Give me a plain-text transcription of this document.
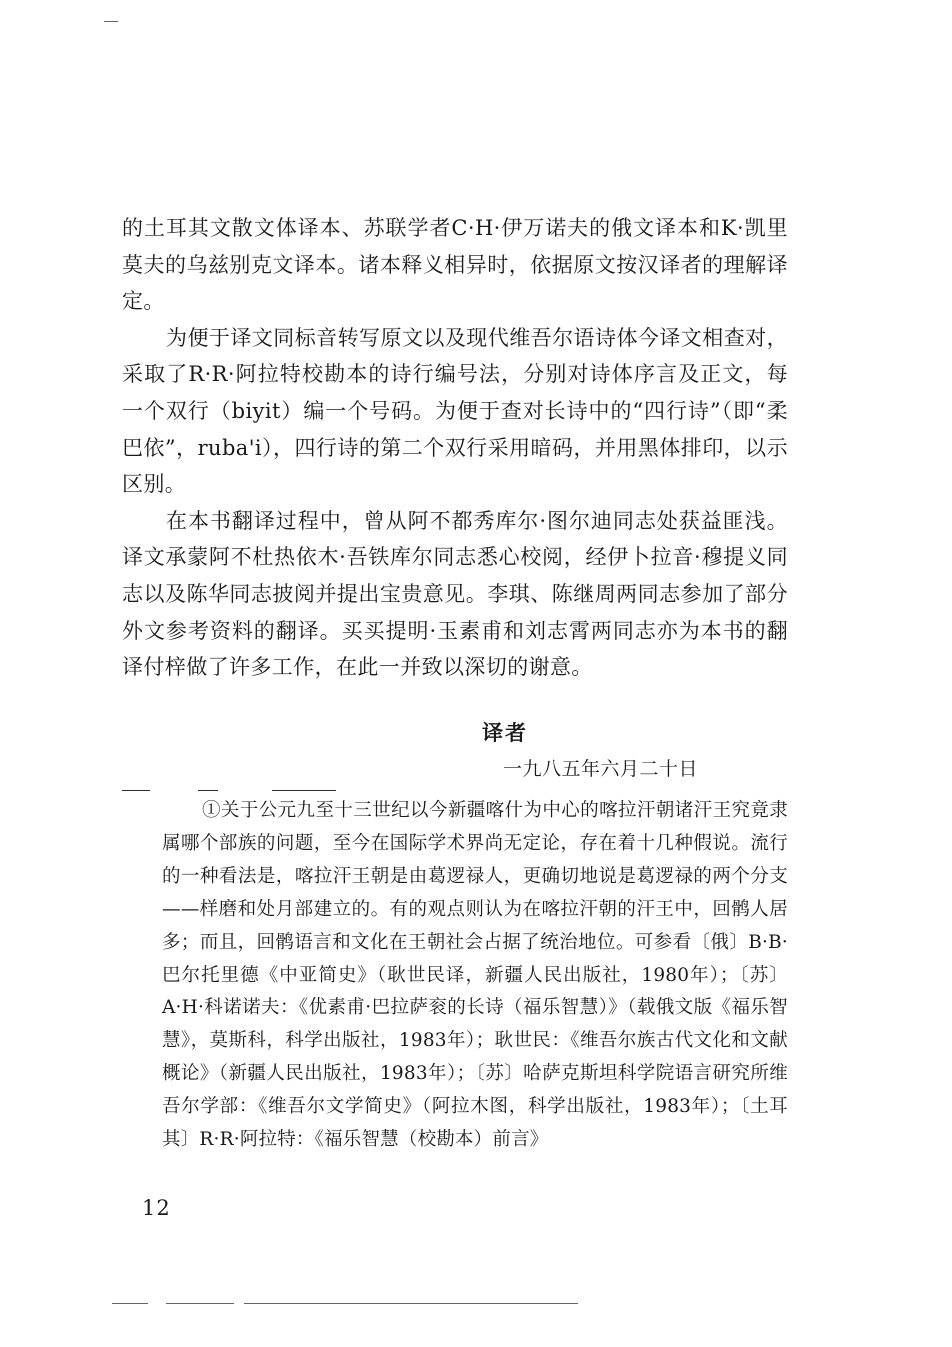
的土耳其文散文体译本、苏联学者C·H·伊万诺夫的俄文译本和K·凯里莫夫的乌兹别克文译本。诸本释义相异时，依据原文按汉译者的理解译定。

为便于译文同标音转写原文以及现代维吾尔语诗体今译文相查对，采取了R·R·阿拉特校勘本的诗行编号法，分别对诗体序言及正文，每一个双行（biyit）编一个号码。为便于查对长诗中的“四行诗”（即“柔巴依”，ruba'i），四行诗的第二个双行采用暗码，并用黑体排印，以示区别。

在本书翻译过程中，曾从阿不都秀库尔·图尔迪同志处获益匪浅。译文承蒙阿不杜热依木·吾铁库尔同志悉心校阅，经伊卜拉音·穆提义同志以及陈华同志披阅并提出宝贵意见。李琪、陈继周两同志参加了部分外文参考资料的翻译。买买提明·玉素甫和刘志霄两同志亦为本书的翻译付梓做了许多工作，在此一并致以深切的谢意。

译者
一九八五年六月二十日

①关于公元九至十三世纪以今新疆喀什为中心的喀拉汗朝诸汗王究竟隶属哪个部族的问题，至今在国际学术界尚无定论，存在着十几种假说。流行的一种看法是，喀拉汗王朝是由葛逻禄人，更确切地说是葛逻禄的两个分支——样磨和处月部建立的。有的观点则认为在喀拉汗朝的汗王中，回鹘人居多；而且，回鹘语言和文化在王朝社会占据了统治地位。可参看〔俄〕B·B·巴尔托里德《中亚简史》（耿世民译，新疆人民出版社，1980年）；〔苏〕A·H·科诺诺夫：《优素甫·巴拉萨衮的长诗（福乐智慧）》（载俄文版《福乐智慧》，莫斯科，科学出版社，1983年）；耿世民：《维吾尔族古代文化和文献概论》（新疆人民出版社，1983年）；〔苏〕哈萨克斯坦科学院语言研究所维吾尔学部：《维吾尔文学简史》（阿拉木图，科学出版社，1983年）；〔土耳其〕R·R·阿拉特：《福乐智慧（校勘本）前言》

12
